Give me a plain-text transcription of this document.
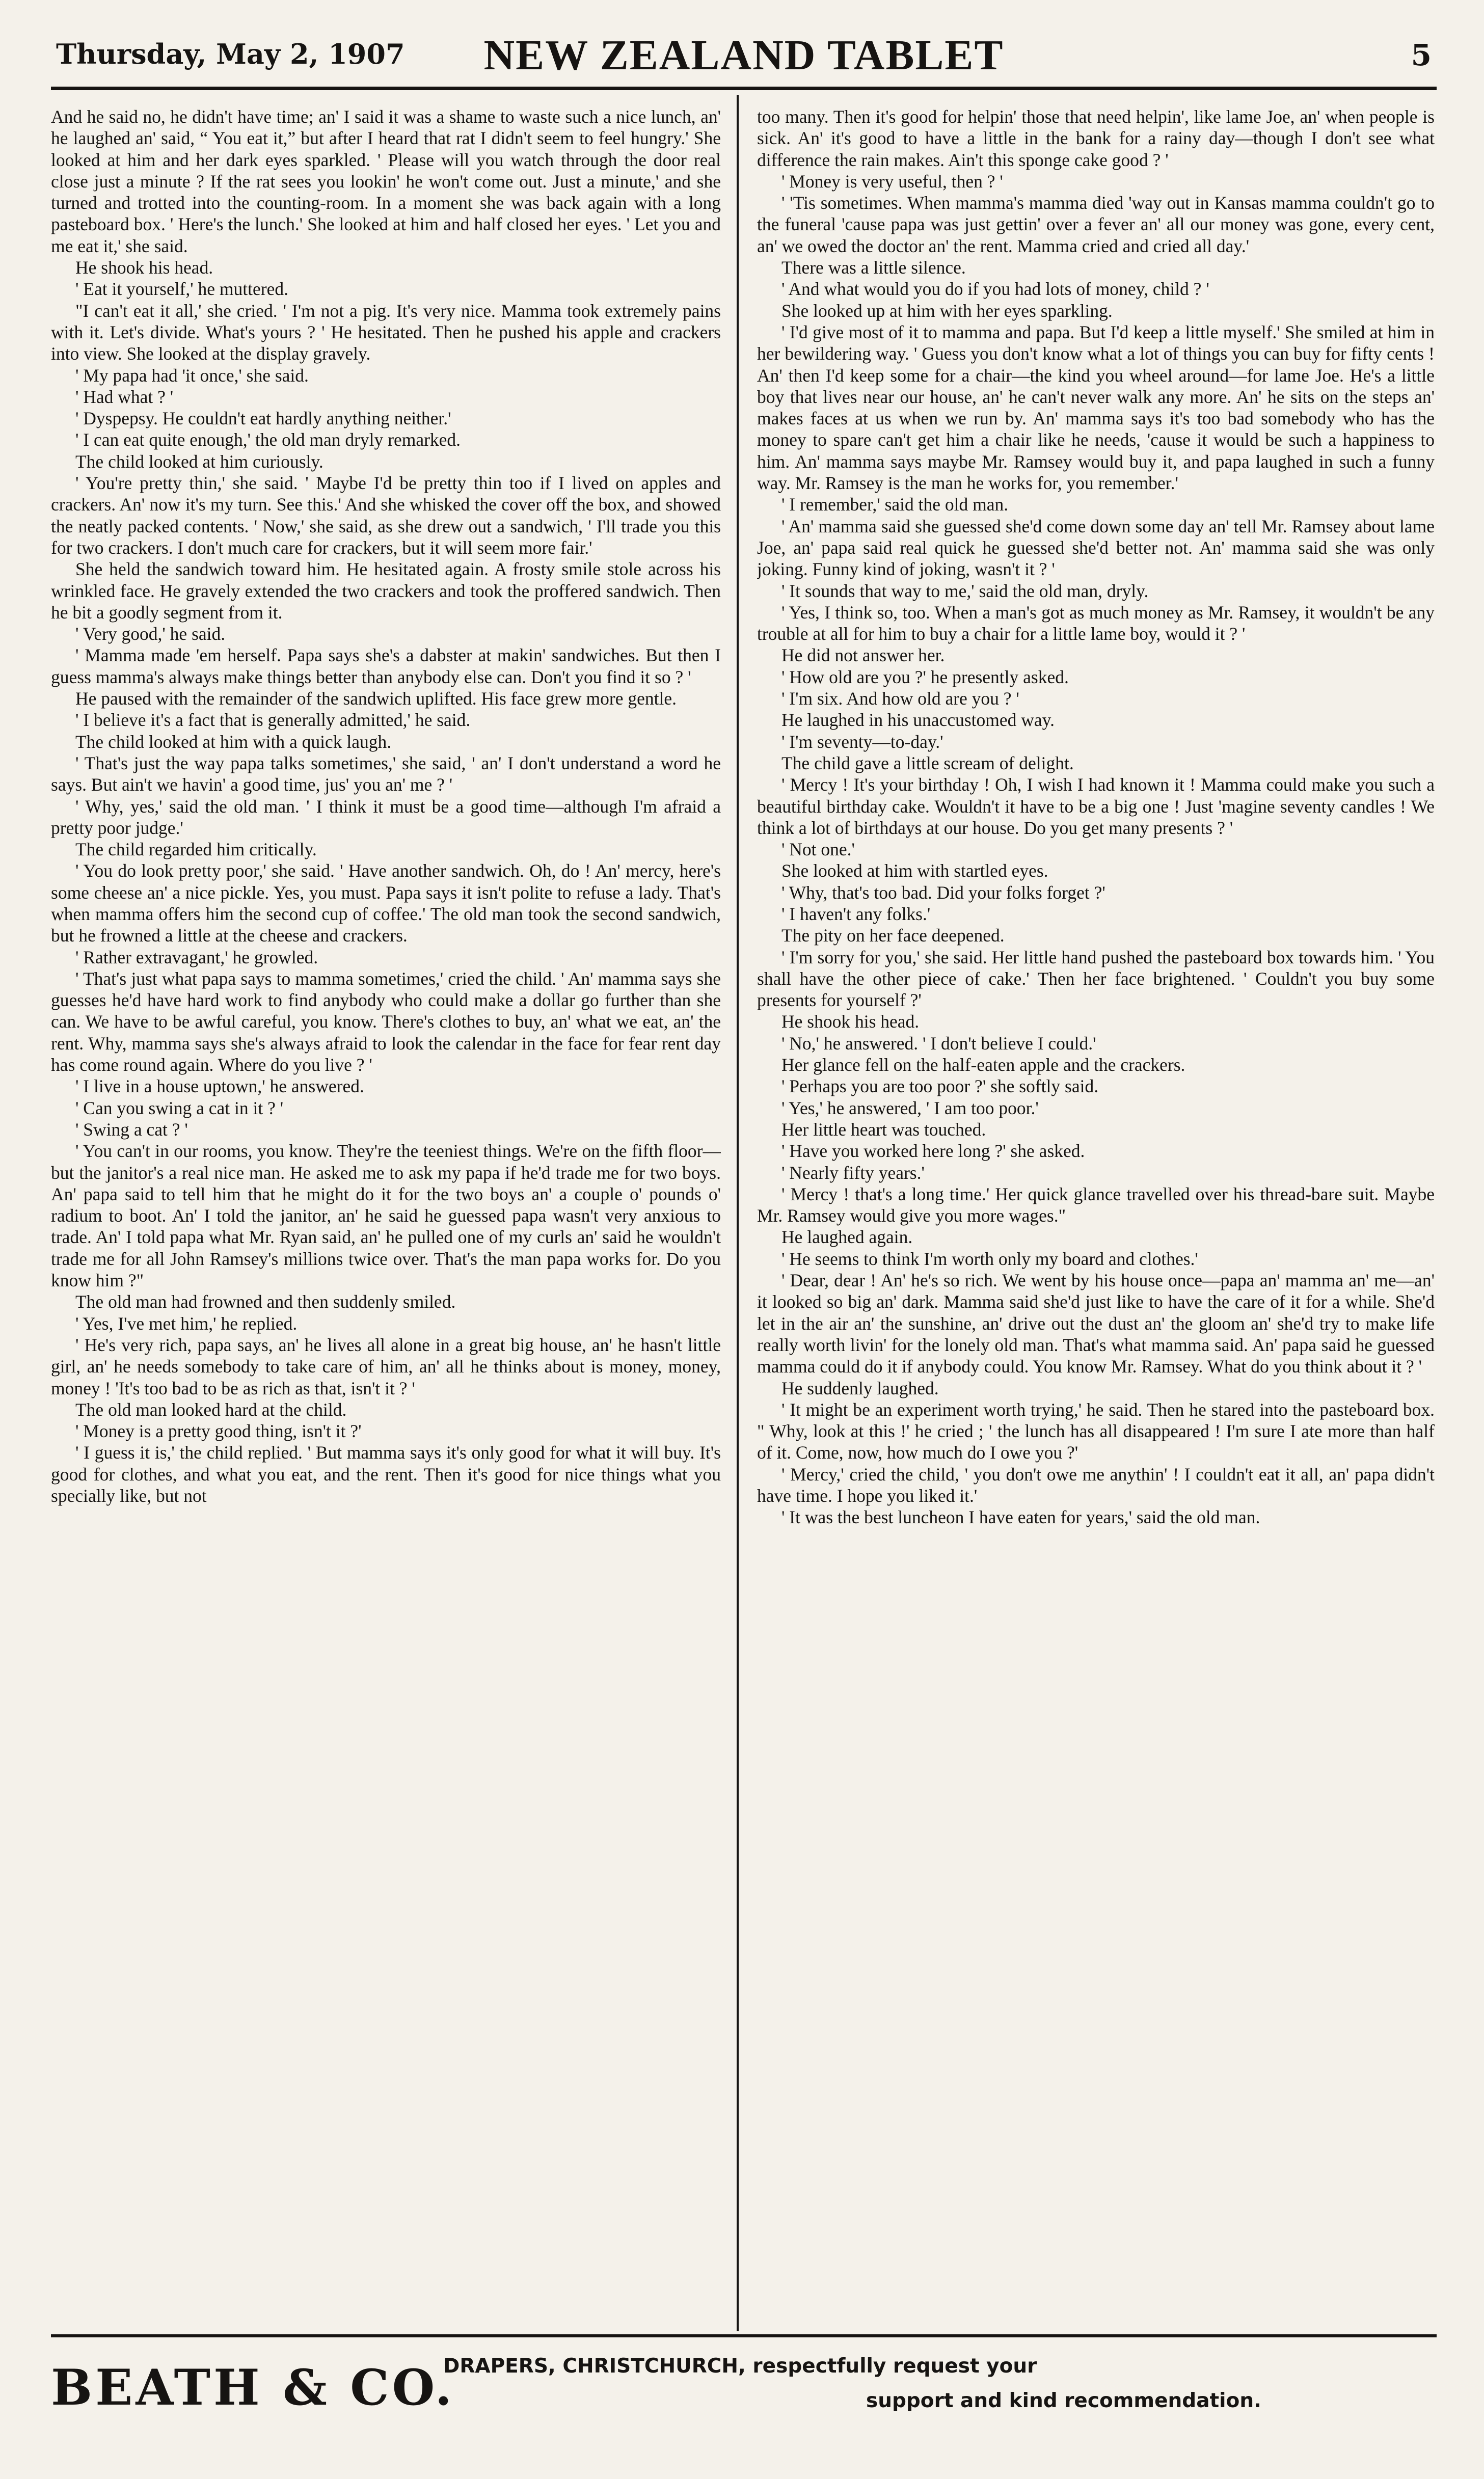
Thursday, May 2, 1907	NEW ZEALAND TABLET	5

And he said no, he didn't have time; an' I said it was a shame to waste such a nice lunch, an' he laughed an' said, “ You eat it,” but after I heard that rat I didn't seem to feel hungry.' She looked at him and her dark eyes sparkled. ' Please will you watch through the door real close just a minute ? If the rat sees you lookin' he won't come out. Just a minute,' and she turned and trotted into the counting-room. In a moment she was back again with a long pasteboard box. ' Here's the lunch.' She looked at him and half closed her eyes. ' Let you and me eat it,' she said.

He shook his head.

' Eat it yourself,' he muttered.

"I can't eat it all,' she cried. ' I'm not a pig. It's very nice. Mamma took extremely pains with it. Let's divide. What's yours ? ' He hesitated. Then he pushed his apple and crackers into view. She looked at the display gravely.

' My papa had 'it once,' she said.

' Had what ? '

' Dyspepsy. He couldn't eat hardly anything neither.'

' I can eat quite enough,' the old man dryly remarked.

The child looked at him curiously.

' You're pretty thin,' she said. ' Maybe I'd be pretty thin too if I lived on apples and crackers. An' now it's my turn. See this.' And she whisked the cover off the box, and showed the neatly packed contents. ' Now,' she said, as she drew out a sandwich, ' I'll trade you this for two crackers. I don't much care for crackers, but it will seem more fair.'

She held the sandwich toward him. He hesitated again. A frosty smile stole across his wrinkled face. He gravely extended the two crackers and took the proffered sandwich. Then he bit a goodly segment from it.

' Very good,' he said.

' Mamma made 'em herself. Papa says she's a dabster at makin' sandwiches. But then I guess mamma's always make things better than anybody else can. Don't you find it so ? '

He paused with the remainder of the sandwich uplifted. His face grew more gentle.

' I believe it's a fact that is generally admitted,' he said.

The child looked at him with a quick laugh.

' That's just the way papa talks sometimes,' she said, ' an' I don't understand a word he says. But ain't we havin' a good time, jus' you an' me ? '

' Why, yes,' said the old man. ' I think it must be a good time—although I'm afraid a pretty poor judge.'

The child regarded him critically.

' You do look pretty poor,' she said. ' Have another sandwich. Oh, do ! An' mercy, here's some cheese an' a nice pickle. Yes, you must. Papa says it isn't polite to refuse a lady. That's when mamma offers him the second cup of coffee.' The old man took the second sandwich, but he frowned a little at the cheese and crackers.

' Rather extravagant,' he growled.

' That's just what papa says to mamma sometimes,' cried the child. ' An' mamma says she guesses he'd have hard work to find anybody who could make a dollar go further than she can. We have to be awful careful, you know. There's clothes to buy, an' what we eat, an' the rent. Why, mamma says she's always afraid to look the calendar in the face for fear rent day has come round again. Where do you live ? '

' I live in a house uptown,' he answered.

' Can you swing a cat in it ? '

' Swing a cat ? '

' You can't in our rooms, you know. They're the teeniest things. We're on the fifth floor—but the janitor's a real nice man. He asked me to ask my papa if he'd trade me for two boys. An' papa said to tell him that he might do it for the two boys an' a couple o' pounds o' radium to boot. An' I told the janitor, an' he said he guessed papa wasn't very anxious to trade. An' I told papa what Mr. Ryan said, an' he pulled one of my curls an' said he wouldn't trade me for all John Ramsey's millions twice over. That's the man papa works for. Do you know him ?"

The old man had frowned and then suddenly smiled.

' Yes, I've met him,' he replied.

' He's very rich, papa says, an' he lives all alone in a great big house, an' he hasn't little girl, an' he needs somebody to take care of him, an' all he thinks about is money, money, money ! 'It's too bad to be as rich as that, isn't it ? '

The old man looked hard at the child.

' Money is a pretty good thing, isn't it ?'

' I guess it is,' the child replied. ' But mamma says it's only good for what it will buy. It's good for clothes, and what you eat, and the rent. Then it's good for nice things what you specially like, but not

too many. Then it's good for helpin' those that need helpin', like lame Joe, an' when people is sick. An' it's good to have a little in the bank for a rainy day—though I don't see what difference the rain makes. Ain't this sponge cake good ? '

' Money is very useful, then ? '

' 'Tis sometimes. When mamma's mamma died 'way out in Kansas mamma couldn't go to the funeral 'cause papa was just gettin' over a fever an' all our money was gone, every cent, an' we owed the doctor an' the rent. Mamma cried and cried all day.'

There was a little silence.

' And what would you do if you had lots of money, child ? '

She looked up at him with her eyes sparkling.

' I'd give most of it to mamma and papa. But I'd keep a little myself.' She smiled at him in her bewildering way. ' Guess you don't know what a lot of things you can buy for fifty cents ! An' then I'd keep some for a chair—the kind you wheel around—for lame Joe. He's a little boy that lives near our house, an' he can't never walk any more. An' he sits on the steps an' makes faces at us when we run by. An' mamma says it's too bad somebody who has the money to spare can't get him a chair like he needs, 'cause it would be such a happiness to him. An' mamma says maybe Mr. Ramsey would buy it, and papa laughed in such a funny way. Mr. Ramsey is the man he works for, you remember.'

' I remember,' said the old man.

' An' mamma said she guessed she'd come down some day an' tell Mr. Ramsey about lame Joe, an' papa said real quick he guessed she'd better not. An' mamma said she was only joking. Funny kind of joking, wasn't it ? '

' It sounds that way to me,' said the old man, dryly.

' Yes, I think so, too. When a man's got as much money as Mr. Ramsey, it wouldn't be any trouble at all for him to buy a chair for a little lame boy, would it ? '

He did not answer her.

' How old are you ?' he presently asked.

' I'm six. And how old are you ? '

He laughed in his unaccustomed way.

' I'm seventy—to-day.'

The child gave a little scream of delight.

' Mercy ! It's your birthday ! Oh, I wish I had known it ! Mamma could make you such a beautiful birthday cake. Wouldn't it have to be a big one ! Just 'magine seventy candles ! We think a lot of birthdays at our house. Do you get many presents ? '

' Not one.'

She looked at him with startled eyes.

' Why, that's too bad. Did your folks forget ?'

' I haven't any folks.'

The pity on her face deepened.

' I'm sorry for you,' she said. Her little hand pushed the pasteboard box towards him. ' You shall have the other piece of cake.' Then her face brightened. ' Couldn't you buy some presents for yourself ?'

He shook his head.

' No,' he answered. ' I don't believe I could.'

Her glance fell on the half-eaten apple and the crackers.

' Perhaps you are too poor ?' she softly said.

' Yes,' he answered, ' I am too poor.'

Her little heart was touched.

' Have you worked here long ?' she asked.

' Nearly fifty years.'

' Mercy ! that's a long time.' Her quick glance travelled over his thread-bare suit. Maybe Mr. Ramsey would give you more wages."

He laughed again.

' He seems to think I'm worth only my board and clothes.'

' Dear, dear ! An' he's so rich. We went by his house once—papa an' mamma an' me—an' it looked so big an' dark. Mamma said she'd just like to have the care of it for a while. She'd let in the air an' the sunshine, an' drive out the dust an' the gloom an' she'd try to make life really worth livin' for the lonely old man. That's what mamma said. An' papa said he guessed mamma could do it if anybody could. You know Mr. Ramsey. What do you think about it ? '

He suddenly laughed.

' It might be an experiment worth trying,' he said. Then he stared into the pasteboard box. " Why, look at this !' he cried ; ' the lunch has all disappeared ! I'm sure I ate more than half of it. Come, now, how much do I owe you ?'

' Mercy,' cried the child, ' you don't owe me anythin' ! I couldn't eat it all, an' papa didn't have time. I hope you liked it.'

' It was the best luncheon I have eaten for years,' said the old man.

BEATH & CO.
DRAPERS, CHRISTCHURCH, respectfully request your
support and kind recommendation.
